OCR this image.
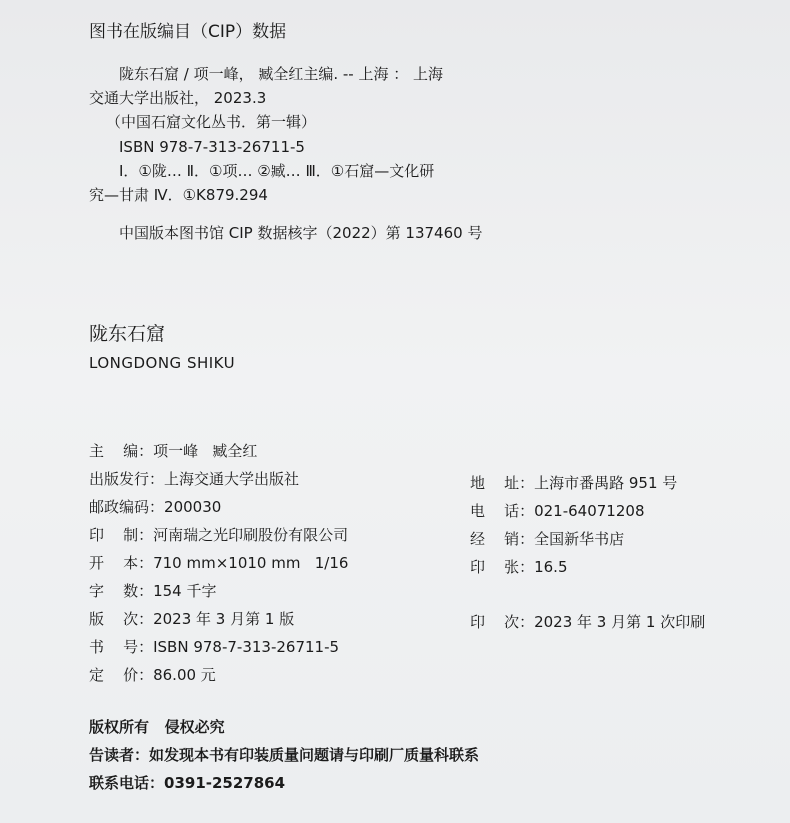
图书在版编目（CIP）数据
陇东石窟 / 项一峰， 臧全红主编. -- 上海 ： 上海
交通大学出版社， 2023.3
（中国石窟文化丛书．第一辑）
ISBN 978-7-313-26711-5
Ⅰ．①陇… Ⅱ．①项… ②臧… Ⅲ．①石窟—文化研
究—甘肃 Ⅳ．①K879.294
中国版本图书馆 CIP 数据核字（2022）第 137460 号
陇东石窟
LONGDONG SHIKU
主    编：项一峰   臧全红
出版发行：上海交通大学出版社
邮政编码：200030
印    制：河南瑞之光印刷股份有限公司
开    本：710 mm×1010 mm   1/16
字    数：154 千字
版    次：2023 年 3 月第 1 版
书    号：ISBN 978-7-313-26711-5
定    价：86.00 元
地    址：上海市番禺路 951 号
电    话：021-64071208
经    销：全国新华书店
印    张：16.5
印    次：2023 年 3 月第 1 次印刷
版权所有   侵权必究
告读者：如发现本书有印装质量问题请与印刷厂质量科联系
联系电话：0391-2527864
